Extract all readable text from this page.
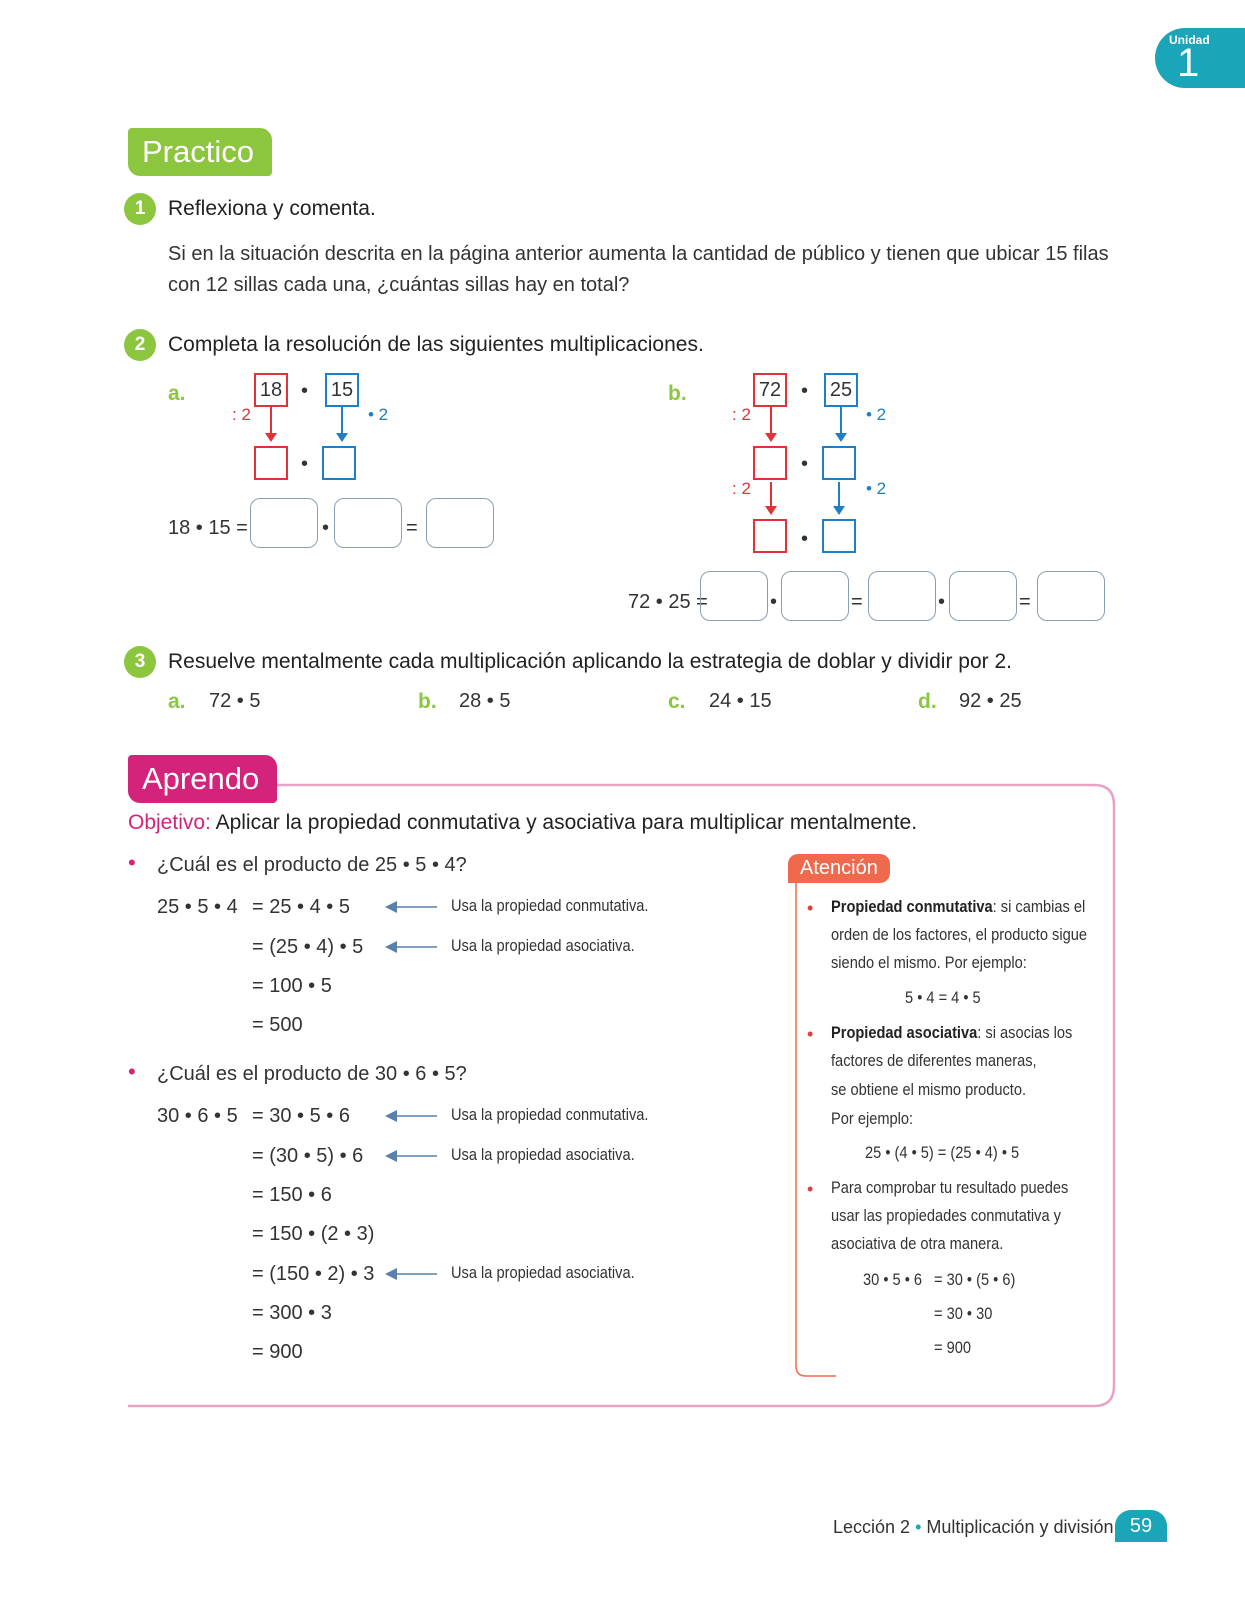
Unidad
1
Practico
1	Reflexiona y comenta.
Si en la situación descrita en la página anterior aumenta la cantidad de público y tienen que ubicar 15 filas
con 12 sillas cada una, ¿cuántas sillas hay en total?
2	Completa la resolución de las siguientes multiplicaciones.
a.	18 • 15
: 2	• 2
•
18 • 15 =	•	=
b.	72 • 25
: 2	• 2
•
: 2	• 2
•
72 • 25 =	•	=	•	=
3	Resuelve mentalmente cada multiplicación aplicando la estrategia de doblar y dividir por 2.
a. 72 • 5	b. 28 • 5	c. 24 • 15	d. 92 • 25
Aprendo
Objetivo: Aplicar la propiedad conmutativa y asociativa para multiplicar mentalmente.
• ¿Cuál es el producto de 25 • 5 • 4?
25 • 5 • 4 = 25 • 4 • 5
= (25 • 4) • 5
= 100 • 5
= 500
Usa la propiedad conmutativa.
Usa la propiedad asociativa.
• ¿Cuál es el producto de 30 • 6 • 5?
30 • 6 • 5 = 30 • 5 • 6
= (30 • 5) • 6
= 150 • 6
= 150 • (2 • 3)
= (150 • 2) • 3
= 300 • 3
= 900
Usa la propiedad conmutativa.
Usa la propiedad asociativa.
Usa la propiedad asociativa.
Atención
• Propiedad conmutativa: si cambias el
orden de los factores, el producto sigue
siendo el mismo. Por ejemplo:
5 • 4 = 4 • 5
• Propiedad asociativa: si asocias los
factores de diferentes maneras,
se obtiene el mismo producto.
Por ejemplo:
25 • (4 • 5) = (25 • 4) • 5
• Para comprobar tu resultado puedes
usar las propiedades conmutativa y
asociativa de otra manera.
30 • 5 • 6 = 30 • (5 • 6)
= 30 • 30
= 900
Lección 2 • Multiplicación y división 59
